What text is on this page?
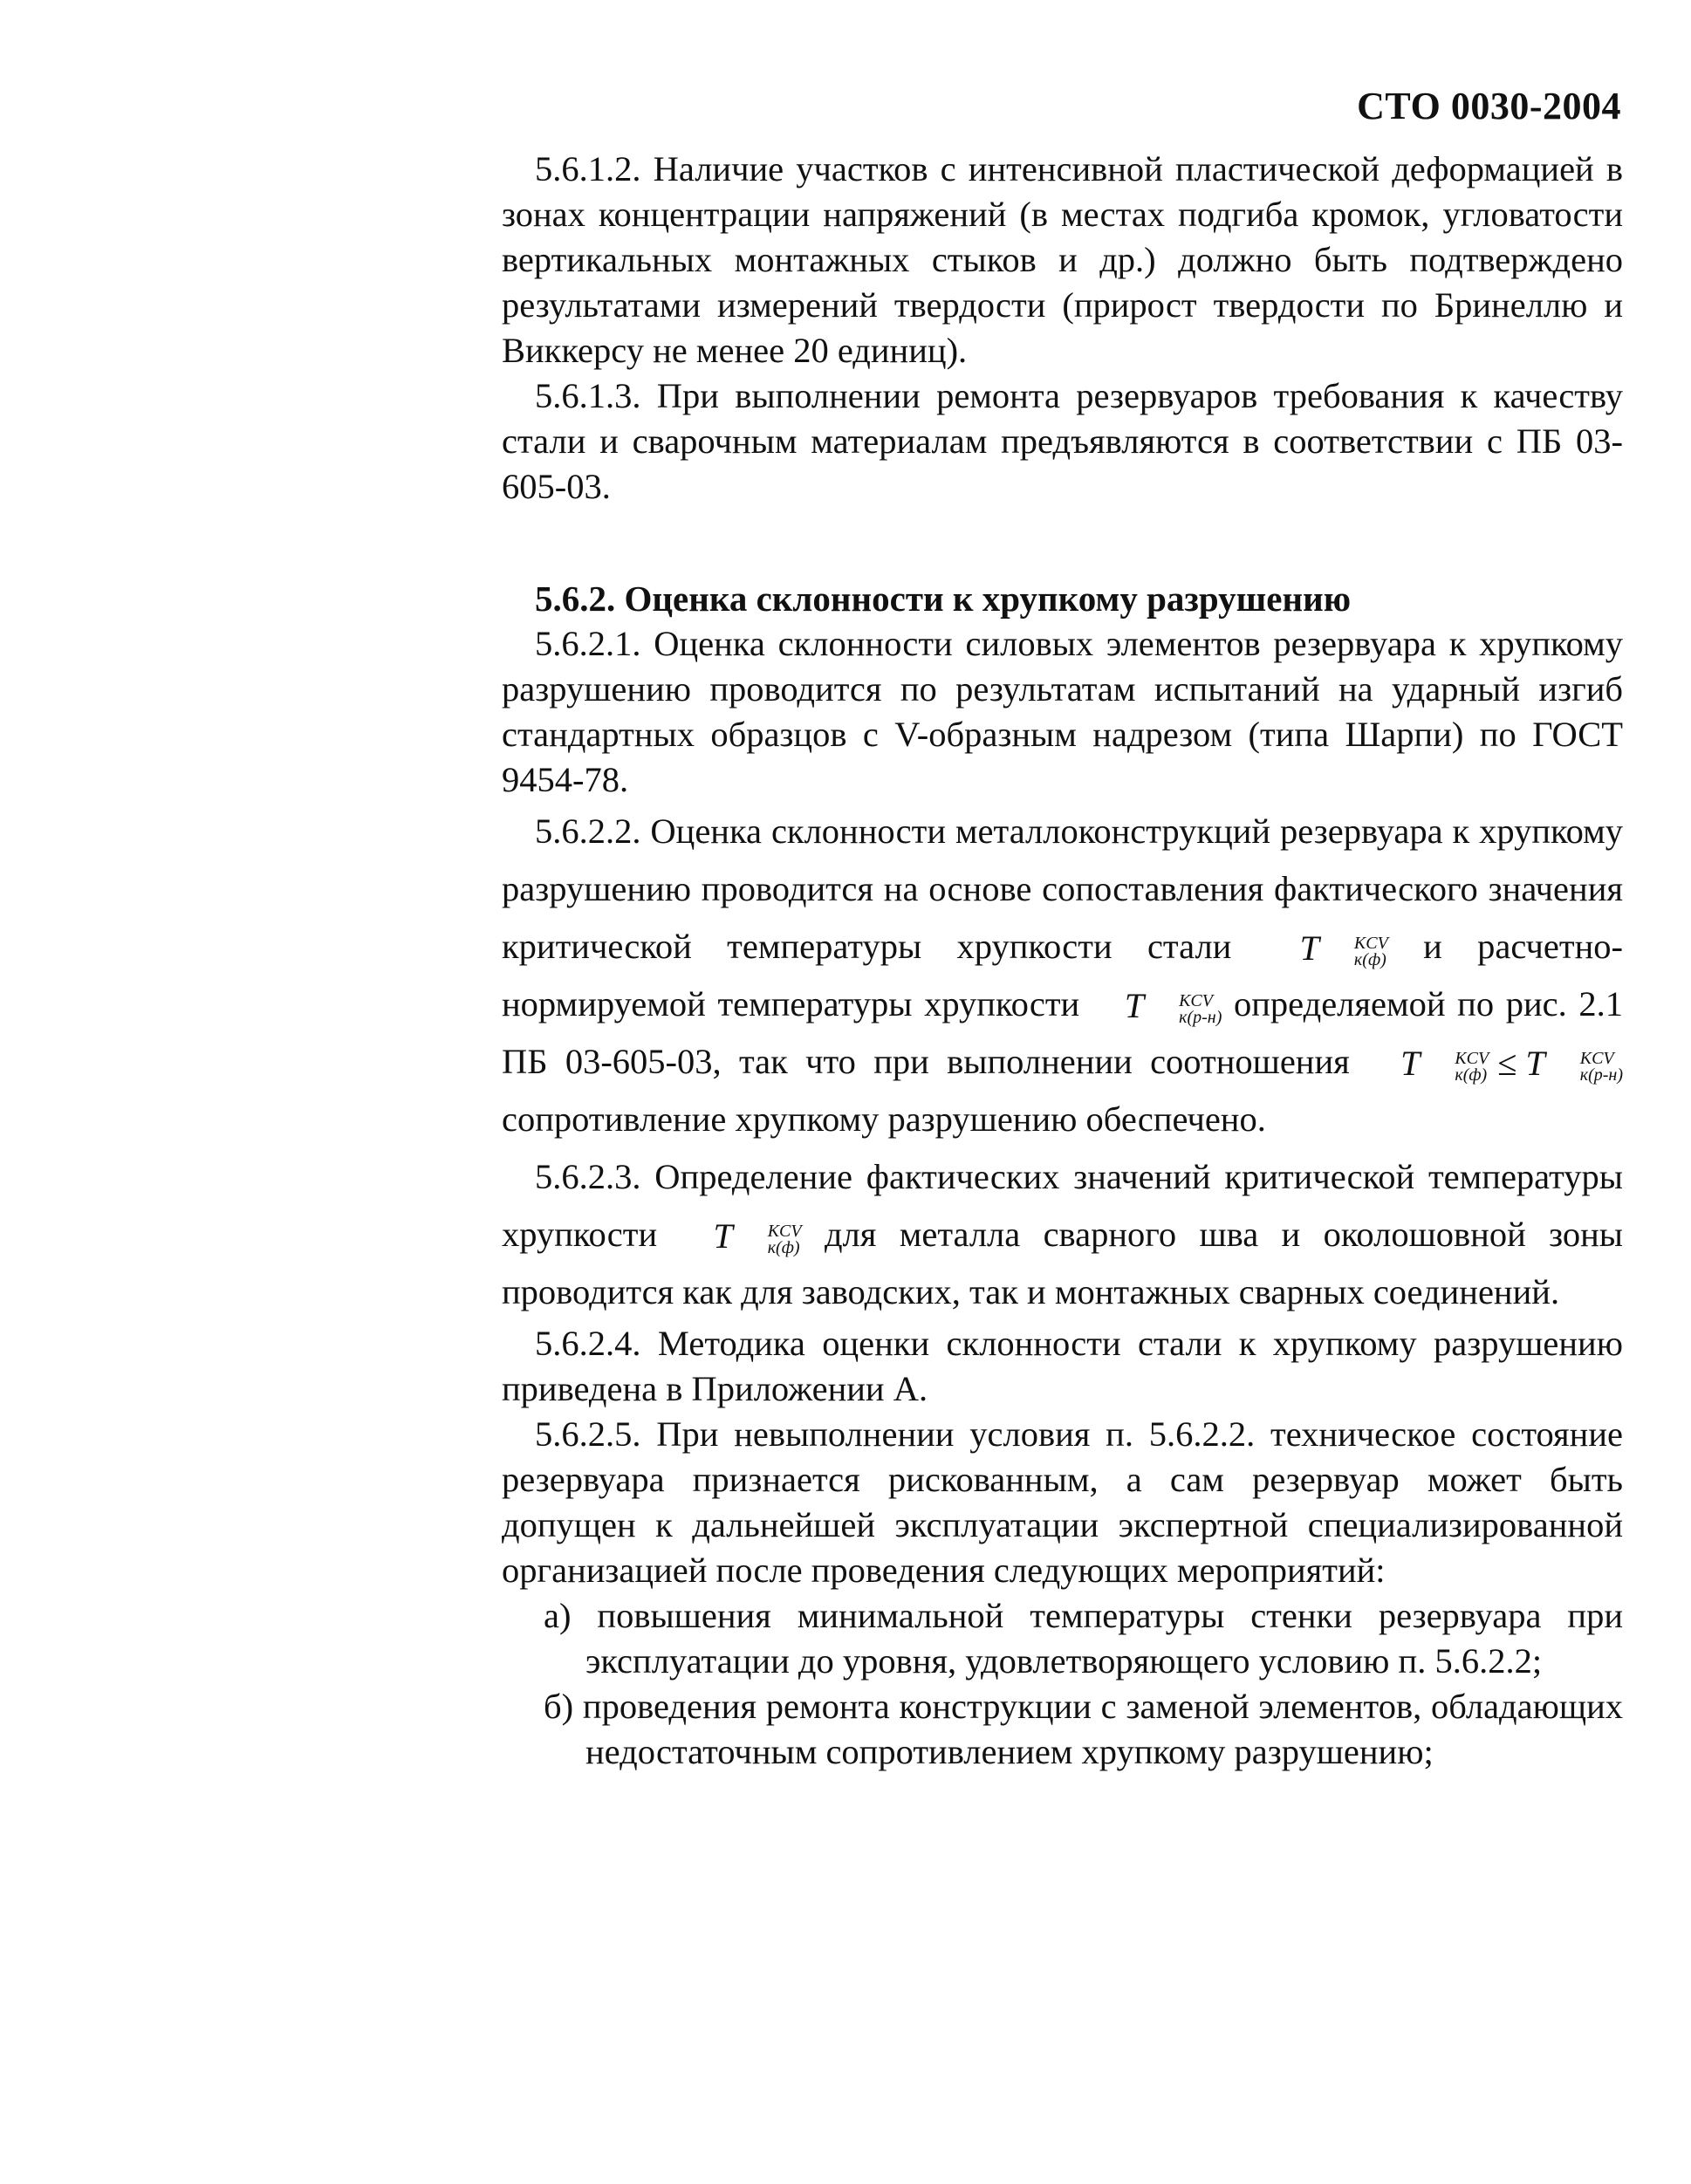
СТО 0030-2004

5.6.1.2. Наличие участков с интенсивной пластической деформацией в зонах концентрации напряжений (в местах подгиба кромок, угловатости вертикальных монтажных стыков и др.) должно быть подтверждено результатами измерений твердости (прирост твердости по Бринеллю и Виккерсу не менее 20 единиц).

5.6.1.3. При выполнении ремонта резервуаров требования к качеству стали и сварочным материалам предъявляются в соответствии с ПБ 03-605-03.

5.6.2. Оценка склонности к хрупкому разрушению

5.6.2.1. Оценка склонности силовых элементов резервуара к хрупкому разрушению проводится по результатам испытаний на ударный изгиб стандартных образцов с V-образным надрезом (типа Шарпи) по ГОСТ 9454-78.

5.6.2.2. Оценка склонности металлоконструкций резервуара к хрупкому разрушению проводится на основе сопоставления фактического значения критической температуры хрупкости стали T	KCV
к(ф) и расчетно-нормируемой температуры хрупкости T	KCV
к(р-н) определяемой по рис. 2.1 ПБ 03-605-03, так что при выполнении соотношения T	KCV
к(ф) ≤ T	KCV
к(р-н)
сопротивление хрупкому разрушению обеспечено.

5.6.2.3. Определение фактических значений критической температуры хрупкости T	KCV
к(ф) для металла сварного шва и околошовной зоны проводится как для заводских, так и монтажных сварных соединений.

5.6.2.4. Методика оценки склонности стали к хрупкому разрушению приведена в Приложении А.

5.6.2.5. При невыполнении условия п. 5.6.2.2. техническое состояние резервуара признается рискованным, а сам резервуар может быть допущен к дальнейшей эксплуатации экспертной специализированной организацией после проведения следующих мероприятий:

а) повышения минимальной температуры стенки резервуара при эксплуатации до уровня, удовлетворяющего условию п. 5.6.2.2;

б) проведения ремонта конструкции с заменой элементов, обладающих недостаточным сопротивлением хрупкому разрушению;
